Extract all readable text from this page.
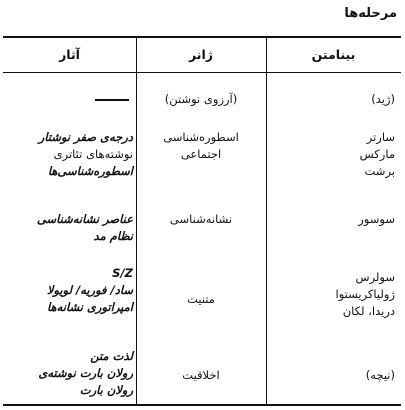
مرحله‌ها
بینامتن
ژانر
آثار
(ژید)
(آرزوی نوشتن)
سارتر
مارکس
برشت
اسطوره‌شناسی
اجتماعی
درجه‌ی صفر نوشتار
نوشته‌های تئاتری
اسطوره‌شناسی‌ها
سوسور
نشانه‌شناسی
عناصر نشانه‌شناسی
نظام مد
سولرس
ژولیاکریستوا
دریدا، لکان
متنیت
S/Z
ساد/ فوریه/ لویولا
امپراتوری نشانه‌ها
(نیچه)
اخلاقیت
لذت متن
رولان بارت نوشته‌ی
رولان بارت
